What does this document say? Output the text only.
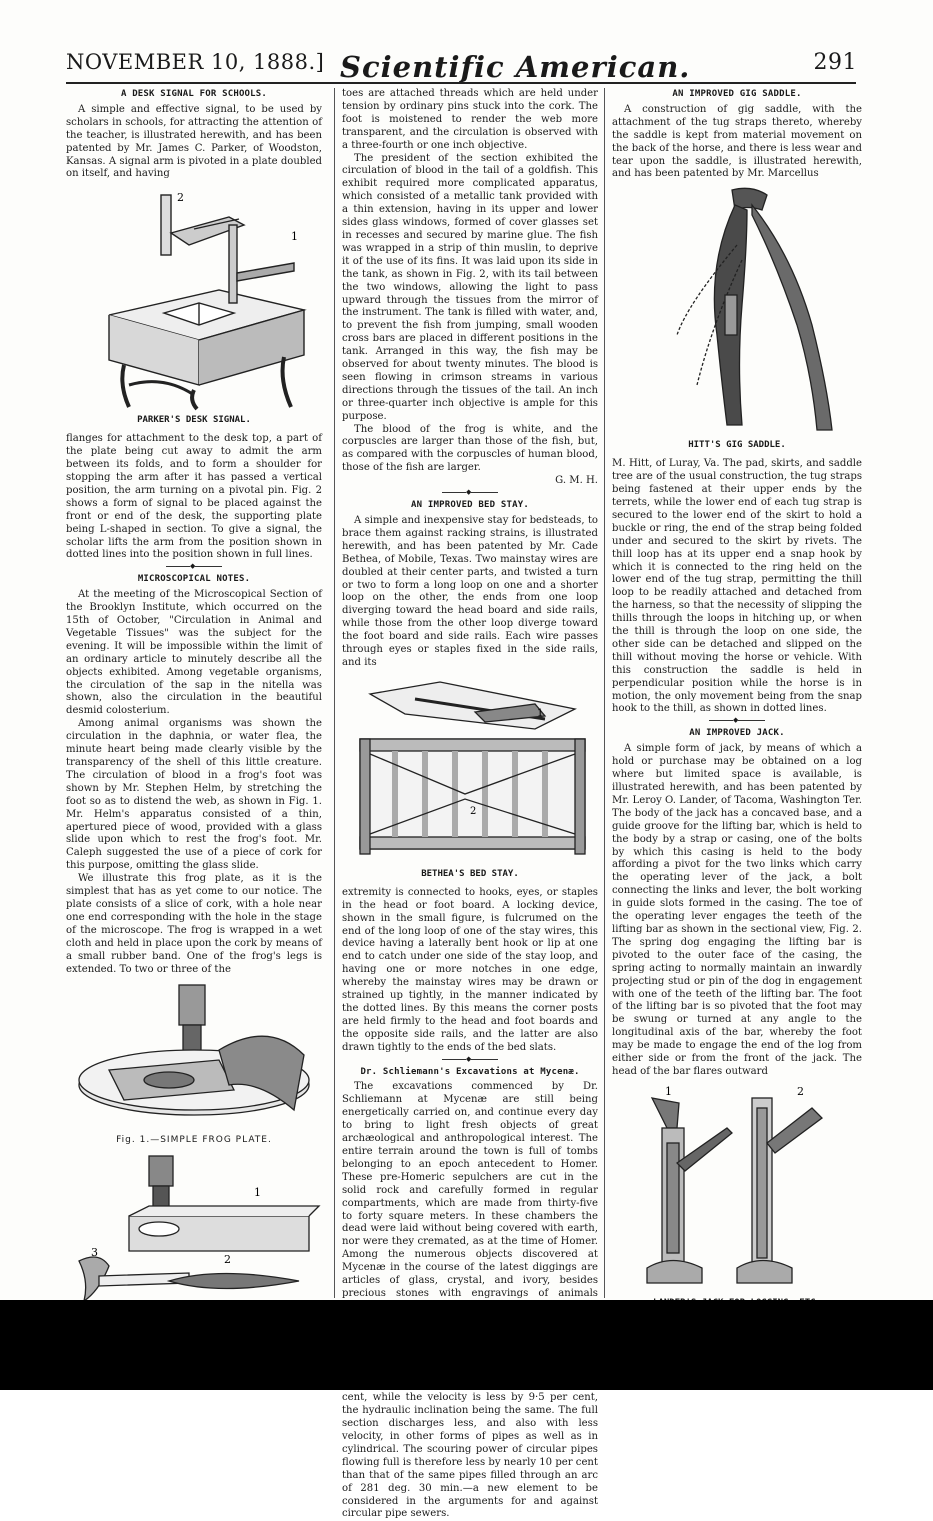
NOVEMBER 10, 1888.] Scientific American.	291
A DESK SIGNAL FOR SCHOOLS.

A simple and effective signal, to be used by scholars in schools, for attracting the attention of the teacher, is illustrated herewith, and has been patented by Mr. James C. Parker, of Woodston, Kansas. A signal arm is pivoted in a plate doubled on itself, and having

2
1
PARKER'S DESK SIGNAL.

flanges for attachment to the desk top, a part of the plate being cut away to admit the arm between its folds, and to form a shoulder for stopping the arm after it has passed a vertical position, the arm turning on a pivotal pin. Fig. 2 shows a form of signal to be placed against the front or end of the desk, the supporting plate being L-shaped in section. To give a signal, the scholar lifts the arm from the position shown in dotted lines into the position shown in full lines.

◆
MICROSCOPICAL NOTES.

At the meeting of the Microscopical Section of the Brooklyn Institute, which occurred on the 15th of October, "Circulation in Animal and Vegetable Tissues" was the subject for the evening. It will be impossible within the limit of an ordinary article to minutely describe all the objects exhibited. Among vegetable organisms, the circulation of the sap in the nitella was shown, also the circulation in the beautiful desmid colosterium.

Among animal organisms was shown the circulation in the daphnia, or water flea, the minute heart being made clearly visible by the transparency of the shell of this little creature. The circulation of blood in a frog's foot was shown by Mr. Stephen Helm, by stretching the foot so as to distend the web, as shown in Fig. 1. Mr. Helm's apparatus consisted of a thin, apertured piece of wood, provided with a glass slide upon which to rest the frog's foot. Mr. Caleph suggested the use of a piece of cork for this purpose, omitting the glass slide.

We illustrate this frog plate, as it is the simplest that has as yet come to our notice. The plate consists of a slice of cork, with a hole near one end corresponding with the hole in the stage of the microscope. The frog is wrapped in a wet cloth and held in place upon the cork by means of a small rubber band. One of the frog's legs is extended. To two or three of the

Fig. 1.—SIMPLE FROG PLATE.
1
3
2

toes are attached threads which are held under tension by ordinary pins stuck into the cork. The foot is moistened to render the web more transparent, and the circulation is observed with a three-fourth or one inch objective.

The president of the section exhibited the circulation of blood in the tail of a goldfish. This exhibit required more complicated apparatus, which consisted of a metallic tank provided with a thin extension, having in its upper and lower sides glass windows, formed of cover glasses set in recesses and secured by marine glue. The fish was wrapped in a strip of thin muslin, to deprive it of the use of its fins. It was laid upon its side in the tank, as shown in Fig. 2, with its tail between the two windows, allowing the light to pass upward through the tissues from the mirror of the instrument. The tank is filled with water, and, to prevent the fish from jumping, small wooden cross bars are placed in different positions in the tank. Arranged in this way, the fish may be observed for about twenty minutes. The blood is seen flowing in crimson streams in various directions through the tissues of the tail. An inch or three-quarter inch objective is ample for this purpose.

The blood of the frog is white, and the corpuscles are larger than those of the fish, but, as compared with the corpuscles of human blood, those of the fish are larger.

G. M. H.
◆
AN IMPROVED BED STAY.

A simple and inexpensive stay for bedsteads, to brace them against racking strains, is illustrated herewith, and has been patented by Mr. Cade Bethea, of Mobile, Texas. Two mainstay wires are doubled at their center parts, and twisted a turn or two to form a long loop on one and a shorter loop on the other, the ends from one loop diverging toward the head board and side rails, while those from the other loop diverge toward the foot board and side rails. Each wire passes through eyes or staples fixed in the side rails, and its

1
2
BETHEA'S BED STAY.

extremity is connected to hooks, eyes, or staples in the head or foot board. A locking device, shown in the small figure, is fulcrumed on the end of the long loop of one of the stay wires, this device having a laterally bent hook or lip at one end to catch under one side of the stay loop, and having one or more notches in one edge, whereby the mainstay wires may be drawn or strained up tightly, in the manner indicated by the dotted lines. By this means the corner posts are held firmly to the head and foot boards and the opposite side rails, and the latter are also drawn tightly to the ends of the bed slats.

◆
Dr. Schliemann's Excavations at Mycenæ.

The excavations commenced by Dr. Schliemann at Mycenæ are still being energetically carried on, and continue every day to bring to light fresh objects of great archæological and anthropological interest. The entire terrain around the town is full of tombs belonging to an epoch antecedent to Homer. These pre-Homeric sepulchers are cut in the solid rock and carefully formed in regular compartments, which are made from thirty-five to forty square meters. In these chambers the dead were laid without being covered with earth, nor were they cremated, as at the time of Homer. Among the numerous objects discovered at Mycenæ in the course of the latest diggings are articles of glass, crystal, and ivory, besides precious stones with engravings of animals

◆

cent, while the velocity is less by 9·5 per cent, the hydraulic inclination being the same. The full section discharges less, and also with less velocity, in other forms of pipes as well as in cylindrical. The scouring power of circular pipes flowing full is therefore less by nearly 10 per cent than that of the same pipes filled through an arc of 281 deg. 30 min.—a new element to be considered in the arguments for and against circular pipe sewers.

AN IMPROVED GIG SADDLE.

A construction of gig saddle, with the attachment of the tug straps thereto, whereby the saddle is kept from material movement on the back of the horse, and there is less wear and tear upon the saddle, is illustrated herewith, and has been patented by Mr. Marcellus

HITT'S GIG SADDLE.

M. Hitt, of Luray, Va. The pad, skirts, and saddle tree are of the usual construction, the tug straps being fastened at their upper ends by the terrets, while the lower end of each tug strap is secured to the lower end of the skirt to hold a buckle or ring, the end of the strap being folded under and secured to the skirt by rivets. The thill loop has at its upper end a snap hook by which it is connected to the ring held on the lower end of the tug strap, permitting the thill loop to be readily attached and detached from the harness, so that the necessity of slipping the thills through the loops in hitching up, or when the thill is through the loop on one side, the other side can be detached and slipped on the thill without moving the horse or vehicle. With this construction the saddle is held in perpendicular position while the horse is in motion, the only movement being from the snap hook to the thill, as shown in dotted lines.

◆
AN IMPROVED JACK.

A simple form of jack, by means of which a hold or purchase may be obtained on a log where but limited space is available, is illustrated herewith, and has been patented by Mr. Leroy O. Lander, of Tacoma, Washington Ter. The body of the jack has a concaved base, and a guide groove for the lifting bar, which is held to the body by a strap or casing, one of the bolts by which this casing is held to the body affording a pivot for the two links which carry the operating lever of the jack, a bolt connecting the links and lever, the bolt working in guide slots formed in the casing. The toe of the operating lever engages the teeth of the lifting bar as shown in the sectional view, Fig. 2. The spring dog engaging the lifting bar is pivoted to the outer face of the casing, the spring acting to normally maintain an inwardly projecting stud or pin of the dog in engagement with one of the teeth of the lifting bar. The foot of the lifting bar is so pivoted that the foot may be swung or turned at any angle to the longitudinal axis of the bar, whereby the foot may be made to engage the end of the log from either side or from the front of the jack. The head of the bar flares outward

1	2
